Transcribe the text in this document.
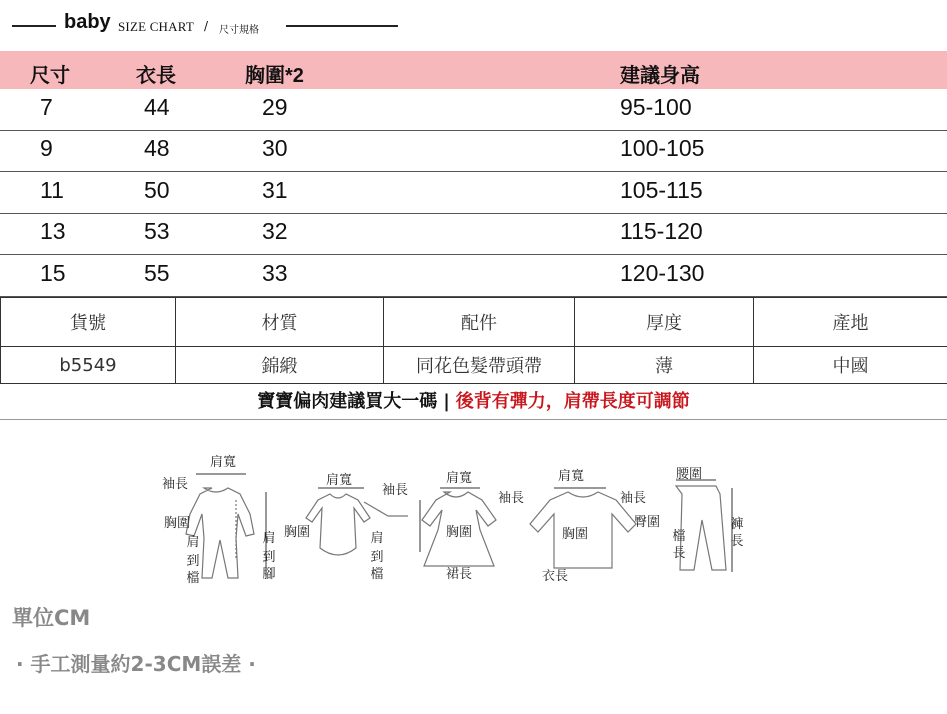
baby SIZE CHART / 尺寸規格
尺寸	衣長	胸圍*2	建議身高
7	44	29	95-100
9	48	30	100-105
11	50	31	105-115
13	53	32	115-120
15	55	33	120-130
貨號	材質	配件	厚度	產地
b5549	錦緞	同花色髮帶頭帶	薄	中國
寶寶偏肉建議買大一碼 | 後背有彈力，肩帶長度可調節
肩寬
袖長
胸圍
肩
到
檔
肩
到
腳
肩寬
袖長
胸圍	肩
到
檔
肩寬
袖長
胸圍
裙長
肩寬
袖長
胸圍
衣長
腰圍
臀圍
檔
長
褲
長
單位CM
· 手工測量約2-3CM誤差 ·
